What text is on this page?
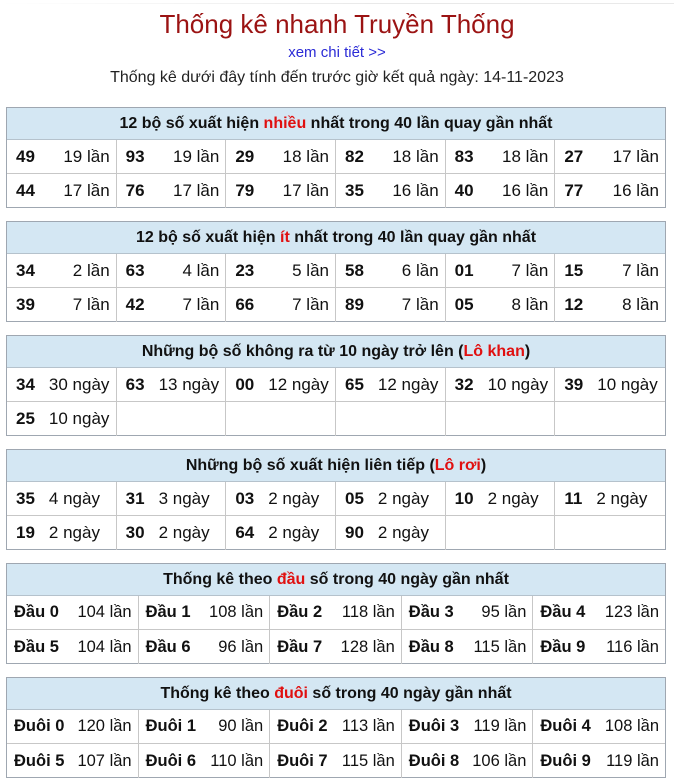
Thống kê nhanh Truyền Thống
xem chi tiết >>
Thống kê dưới đây tính đến trước giờ kết quả ngày: 14-11-2023
12 bộ số xuất hiện nhiều nhất trong 40 lần quay gần nhất
49 19 lần 93 19 lần 29 18 lần 82 18 lần 83 18 lần 27 17 lần
44 17 lần 76 17 lần 79 17 lần 35 16 lần 40 16 lần 77 16 lần
12 bộ số xuất hiện ít nhất trong 40 lần quay gần nhất
34 2 lần 63 4 lần 23 5 lần 58 6 lần 01 7 lần 15 7 lần
39 7 lần 42 7 lần 66 7 lần 89 7 lần 05 8 lần 12 8 lần
Những bộ số không ra từ 10 ngày trở lên (Lô khan)
34 30 ngày 63 13 ngày 00 12 ngày 65 12 ngày 32 10 ngày 39 10 ngày
25 10 ngày
Những bộ số xuất hiện liên tiếp (Lô rơi)
35 4 ngày 31 3 ngày 03 2 ngày 05 2 ngày 10 2 ngày 11 2 ngày
19 2 ngày 30 2 ngày 64 2 ngày 90 2 ngày
Thống kê theo đầu số trong 40 ngày gần nhất
Đầu 0 104 lần Đầu 1 108 lần Đầu 2 118 lần Đầu 3 95 lần Đầu 4 123 lần
Đầu 5 104 lần Đầu 6 96 lần Đầu 7 128 lần Đầu 8 115 lần Đầu 9 116 lần
Thống kê theo đuôi số trong 40 ngày gần nhất
Đuôi 0 120 lần Đuôi 1 90 lần Đuôi 2 113 lần Đuôi 3 119 lần Đuôi 4 108 lần
Đuôi 5 107 lần Đuôi 6 110 lần Đuôi 7 115 lần Đuôi 8 106 lần Đuôi 9 119 lần
